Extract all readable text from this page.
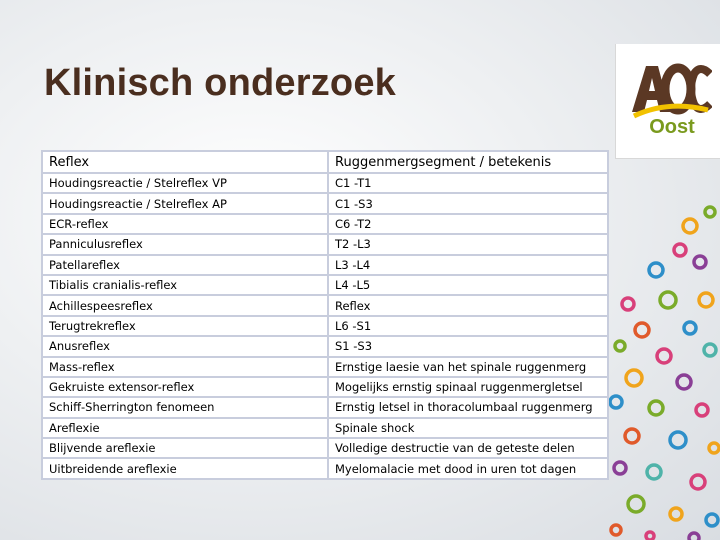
Klinisch onderzoek
Oost
Reflex	Ruggenmergsegment / betekenis
Houdingsreactie / Stelreflex VP	C1 -T1
Houdingsreactie / Stelreflex AP	C1 -S3
ECR-reflex	C6 -T2
Panniculusreflex	T2 -L3
Patellareflex	L3 -L4
Tibialis cranialis-reflex	L4 -L5
Achillespeesreflex	Reflex
Terugtrekreflex	L6 -S1
Anusreflex	S1 -S3
Mass-reflex	Ernstige laesie van het spinale ruggenmerg
Gekruiste extensor-reflex	Mogelijks ernstig spinaal ruggenmergletsel
Schiff-Sherrington fenomeen	Ernstig letsel in thoracolumbaal ruggenmerg
Areflexie	Spinale shock
Blijvende areflexie	Volledige destructie van de geteste delen
Uitbreidende areflexie	Myelomalacie met dood in uren tot dagen
